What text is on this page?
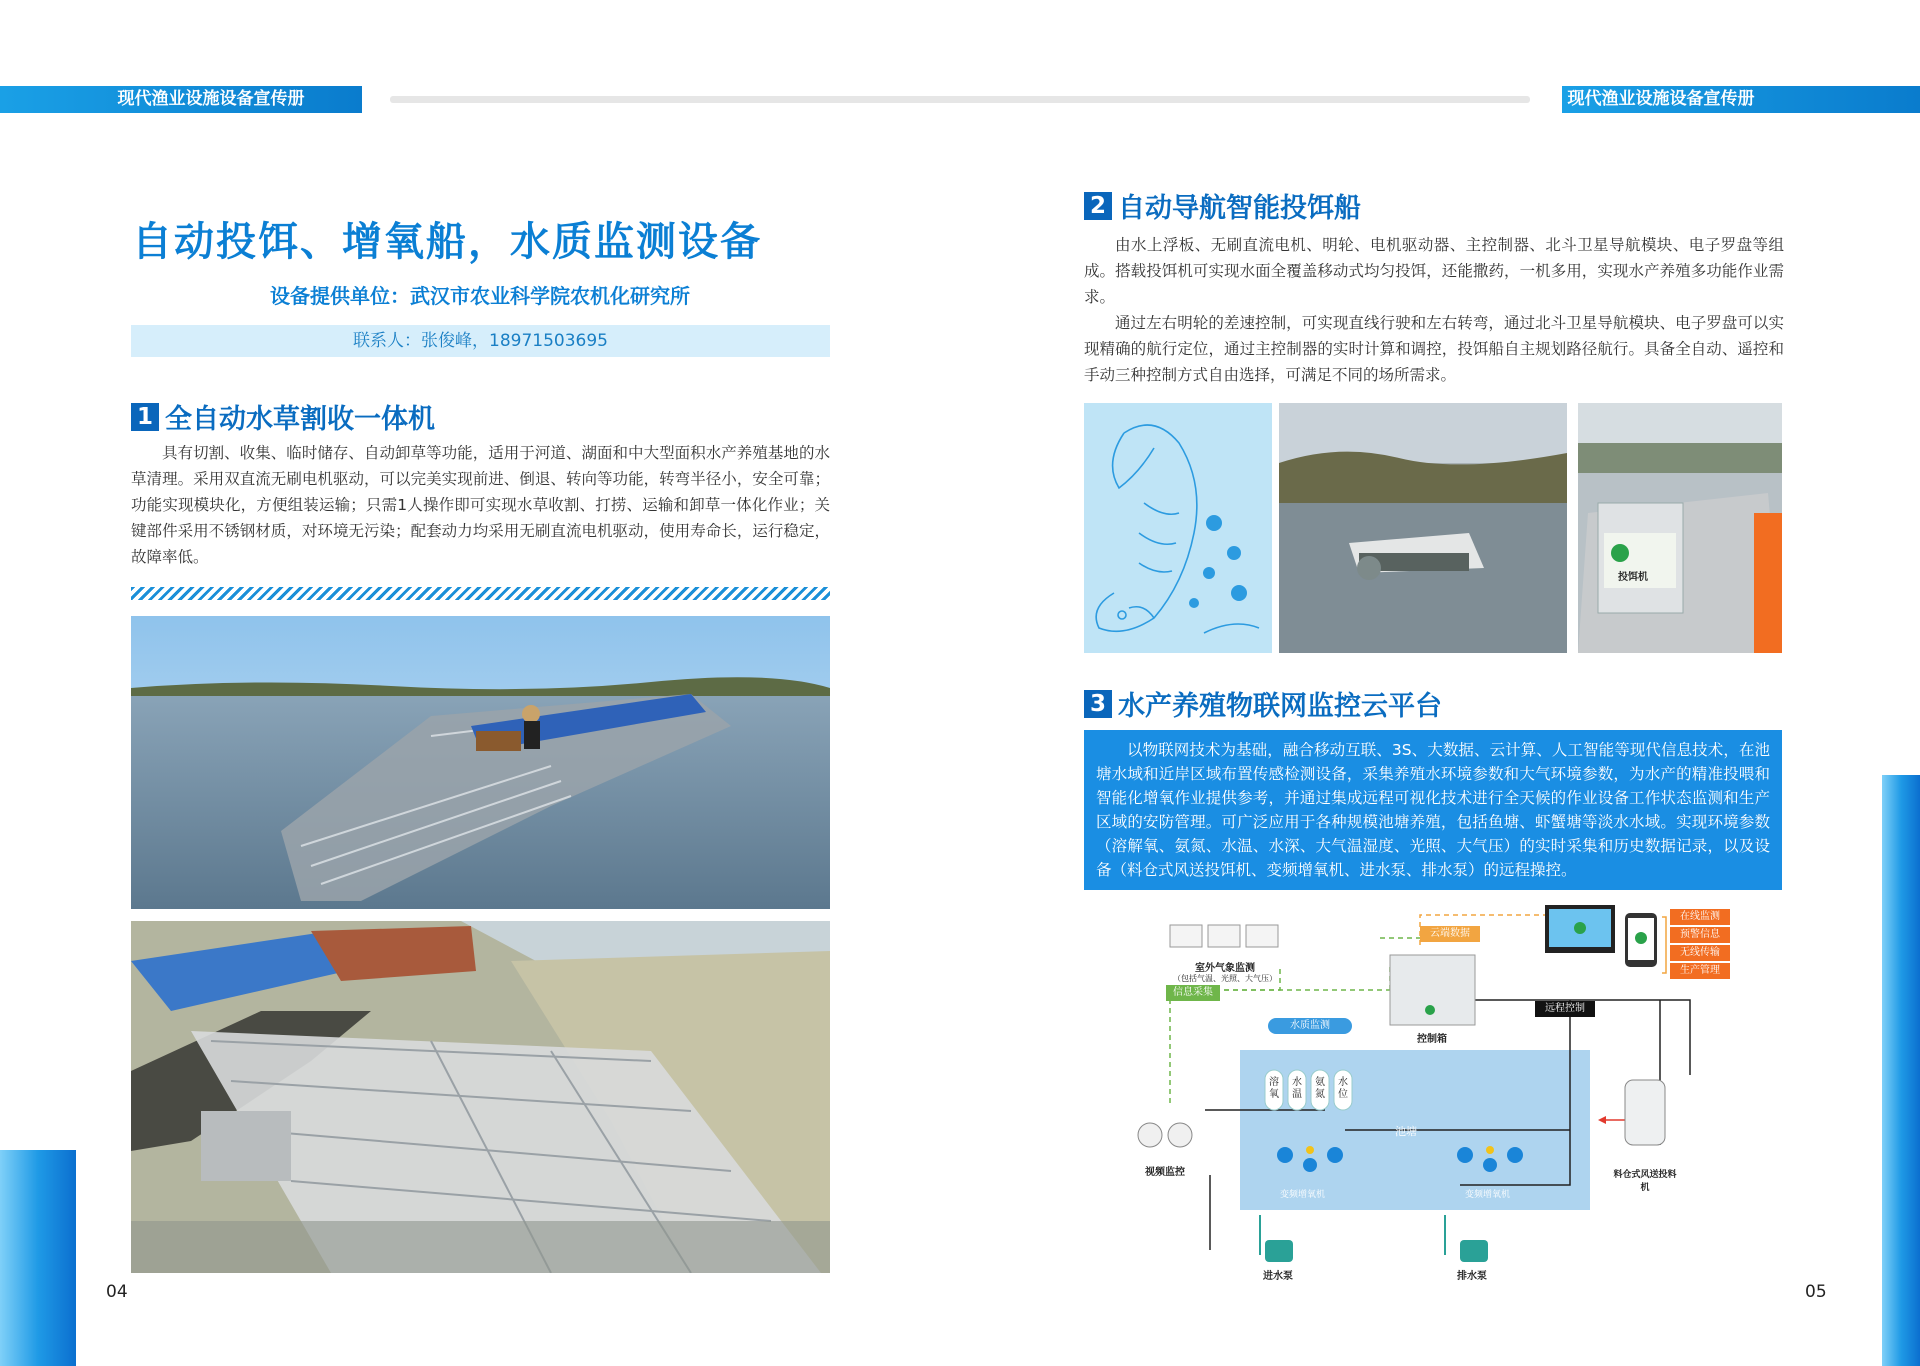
现代渔业设施设备宣传册	现代渔业设施设备宣传册
自动投饵、增氧船，水质监测设备
设备提供单位：武汉市农业科学院农机化研究所
联系人：张俊峰，18971503695
1 全自动水草割收一体机

具有切割、收集、临时储存、自动卸草等功能，适用于河道、湖面和中大型面积水产养殖基地的水草清理。采用双直流无刷电机驱动，可以完美实现前进、倒退、转向等功能，转弯半径小，安全可靠；功能实现模块化，方便组装运输；只需1人操作即可实现水草收割、打捞、运输和卸草一体化作业；关键部件采用不锈钢材质，对环境无污染；配套动力均采用无刷直流电机驱动，使用寿命长，运行稳定，故障率低。

04
2 自动导航智能投饵船

由水上浮板、无刷直流电机、明轮、电机驱动器、主控制器、北斗卫星导航模块、电子罗盘等组成。搭载投饵机可实现水面全覆盖移动式均匀投饵，还能撒药，一机多用，实现水产养殖多功能作业需求。

通过左右明轮的差速控制，可实现直线行驶和左右转弯，通过北斗卫星导航模块、电子罗盘可以实现精确的航行定位，通过主控制器的实时计算和调控，投饵船自主规划路径航行。具备全自动、遥控和手动三种控制方式自由选择，可满足不同的场所需求。

投饵机
3 水产养殖物联网监控云平台

以物联网技术为基础，融合移动互联、3S、大数据、云计算、人工智能等现代信息技术，在池塘水域和近岸区域布置传感检测设备，采集养殖水环境参数和大气环境参数，为水产的精准投喂和智能化增氧作业提供参考，并通过集成远程可视化技术进行全天候的作业设备工作状态监测和生产区域的安防管理。可广泛应用于各种规模池塘养殖，包括鱼塘、虾蟹塘等淡水水域。实现环境参数（溶解氧、氨氮、水温、水深、大气温湿度、光照、大气压）的实时采集和历史数据记录，以及设备（料仓式风送投饵机、变频增氧机、进水泵、排水泵）的远程操控。

室外气象监测
（包括气温、光照、大气压）
信息采集
云端数据
控制箱
远程控制
水质监测
溶氧
水温
氨氮
水位
池塘
变频增氧机	变频增氧机
视频监控	料仓式风送投料机
进水泵	排水泵
在线监测
预警信息
无线传输
生产管理
05
